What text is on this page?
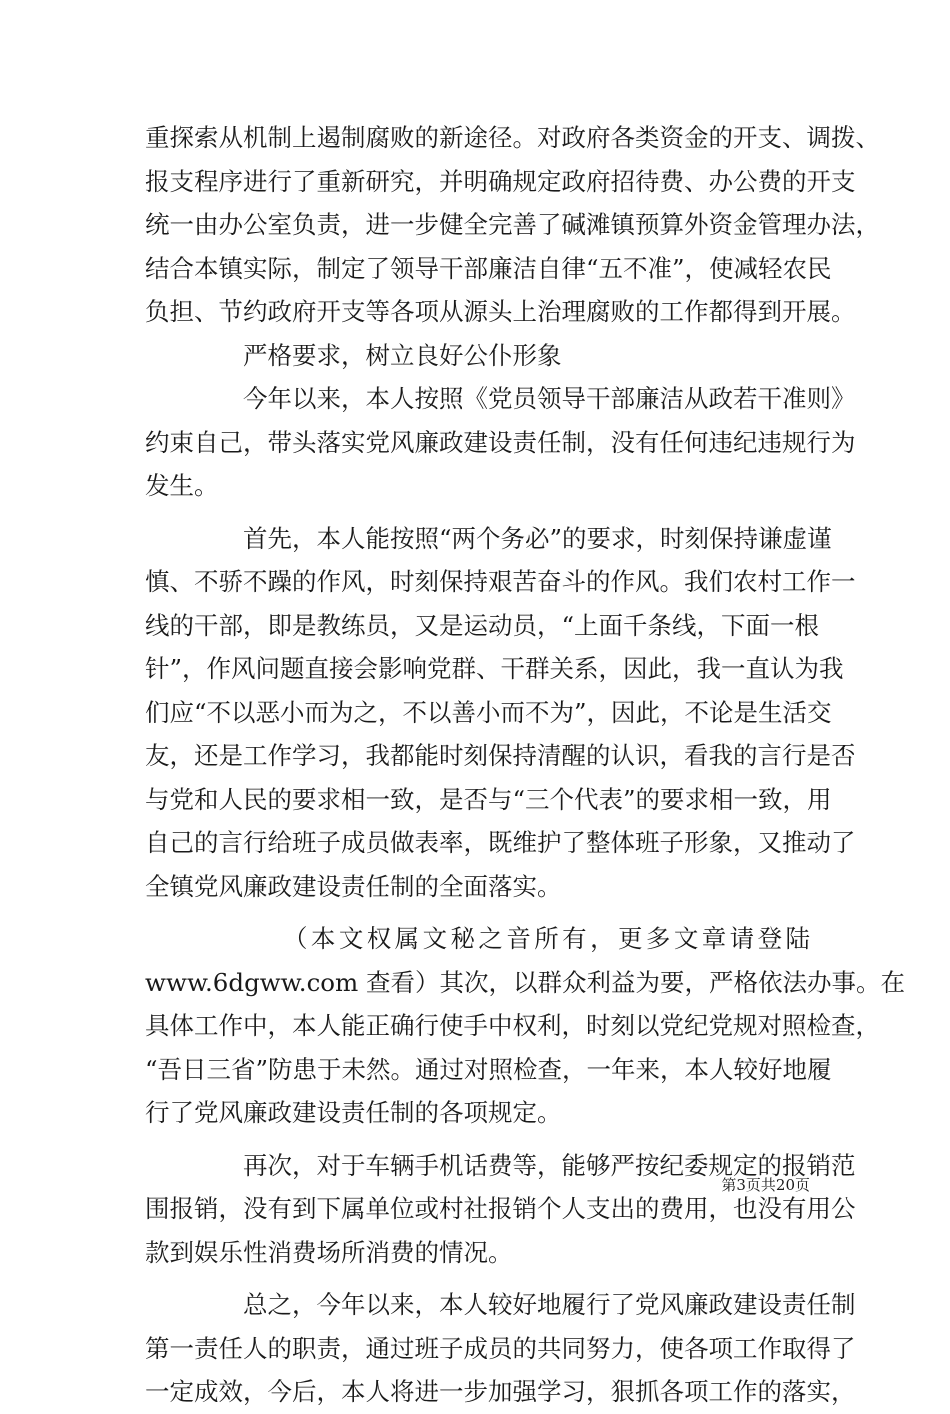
重探索从机制上遏制腐败的新途径。对政府各类资金的开支、调拨、
报支程序进行了重新研究，并明确规定政府招待费、办公费的开支
统一由办公室负责，进一步健全完善了碱滩镇预算外资金管理办法，
结合本镇实际，制定了领导干部廉洁自律“五不准”，使减轻农民
负担、节约政府开支等各项从源头上治理腐败的工作都得到开展。
严格要求，树立良好公仆形象
今年以来，本人按照《党员领导干部廉洁从政若干准则》
约束自己，带头落实党风廉政建设责任制，没有任何违纪违规行为
发生。
首先，本人能按照“两个务必”的要求，时刻保持谦虚谨
慎、不骄不躁的作风，时刻保持艰苦奋斗的作风。我们农村工作一
线的干部，即是教练员，又是运动员，“上面千条线，下面一根
针”，作风问题直接会影响党群、干群关系，因此，我一直认为我
们应“不以恶小而为之，不以善小而不为”，因此，不论是生活交
友，还是工作学习，我都能时刻保持清醒的认识，看我的言行是否
与党和人民的要求相一致，是否与“三个代表”的要求相一致，用
自己的言行给班子成员做表率，既维护了整体班子形象，又推动了
全镇党风廉政建设责任制的全面落实。
（本文权属文秘之音所有，更多文章请登陆
www.6dgww.com 查看）其次，以群众利益为要，严格依法办事。在
具体工作中，本人能正确行使手中权利，时刻以党纪党规对照检查，
“吾日三省”防患于未然。通过对照检查，一年来，本人较好地履
行了党风廉政建设责任制的各项规定。
再次，对于车辆手机话费等，能够严按纪委规定的报销范
围报销，没有到下属单位或村社报销个人支出的费用，也没有用公
款到娱乐性消费场所消费的情况。
总之，今年以来，本人较好地履行了党风廉政建设责任制
第一责任人的职责，通过班子成员的共同努力，使各项工作取得了
一定成效，今后，本人将进一步加强学习，狠抓各项工作的落实，
第3页共20页
